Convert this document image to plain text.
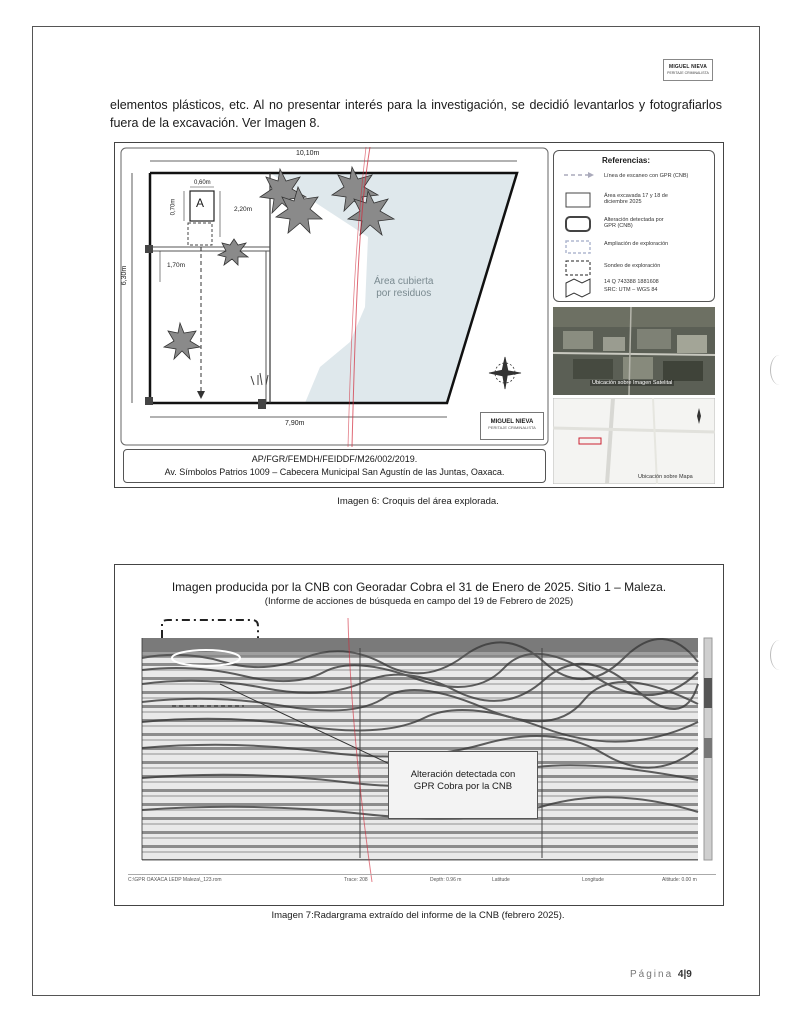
MIGUEL NIEVA
PERITAJE CRIMINALISTA

elementos plásticos, etc. Al no presentar interés para la investigación, se decidió levantarlos y fotografiarlos fuera de la excavación. Ver Imagen 8.

10,10m
6,30m
7,90m
0,60m
0,70m A	2,20m
1,70m
Área cubierta
por residuos
MIGUEL NIEVA
PERITAJE CRIMINALISTA
AP/FGR/FEMDH/FEIDDF/M26/002/2019.
Av. Símbolos Patrios 1009 – Cabecera Municipal San Agustín de las Juntas, Oaxaca.
Referencias:
Línea de escaneo con GPR (CNB)
Área excavada 17 y 18 de diciembre 2025
Alteración detectada por GPR (CNB)
Ampliación de exploración
Sondeo de exploración
14 Q 743388 1881608
SRC: UTM – WGS 84
Ubicación sobre Imagen Satelital
Ubicación sobre Mapa
Imagen 6: Croquis del área explorada.
Imagen producida por la CNB con Georadar Cobra el 31 de Enero de 2025. Sitio 1 – Maleza.
(Informe de acciones de búsqueda en campo del 19 de Febrero de 2025)
Alteración detectada con
GPR Cobra por la CNB
C:\GPR OAXACA LEDP Maleza\_123.rom	Trace: 208	Depth: 0.96 m	Latitude	Longitude	Altitude: 0.00 m
Imagen 7:Radargrama extraído del informe de la CNB (febrero 2025).
Página 4|9
